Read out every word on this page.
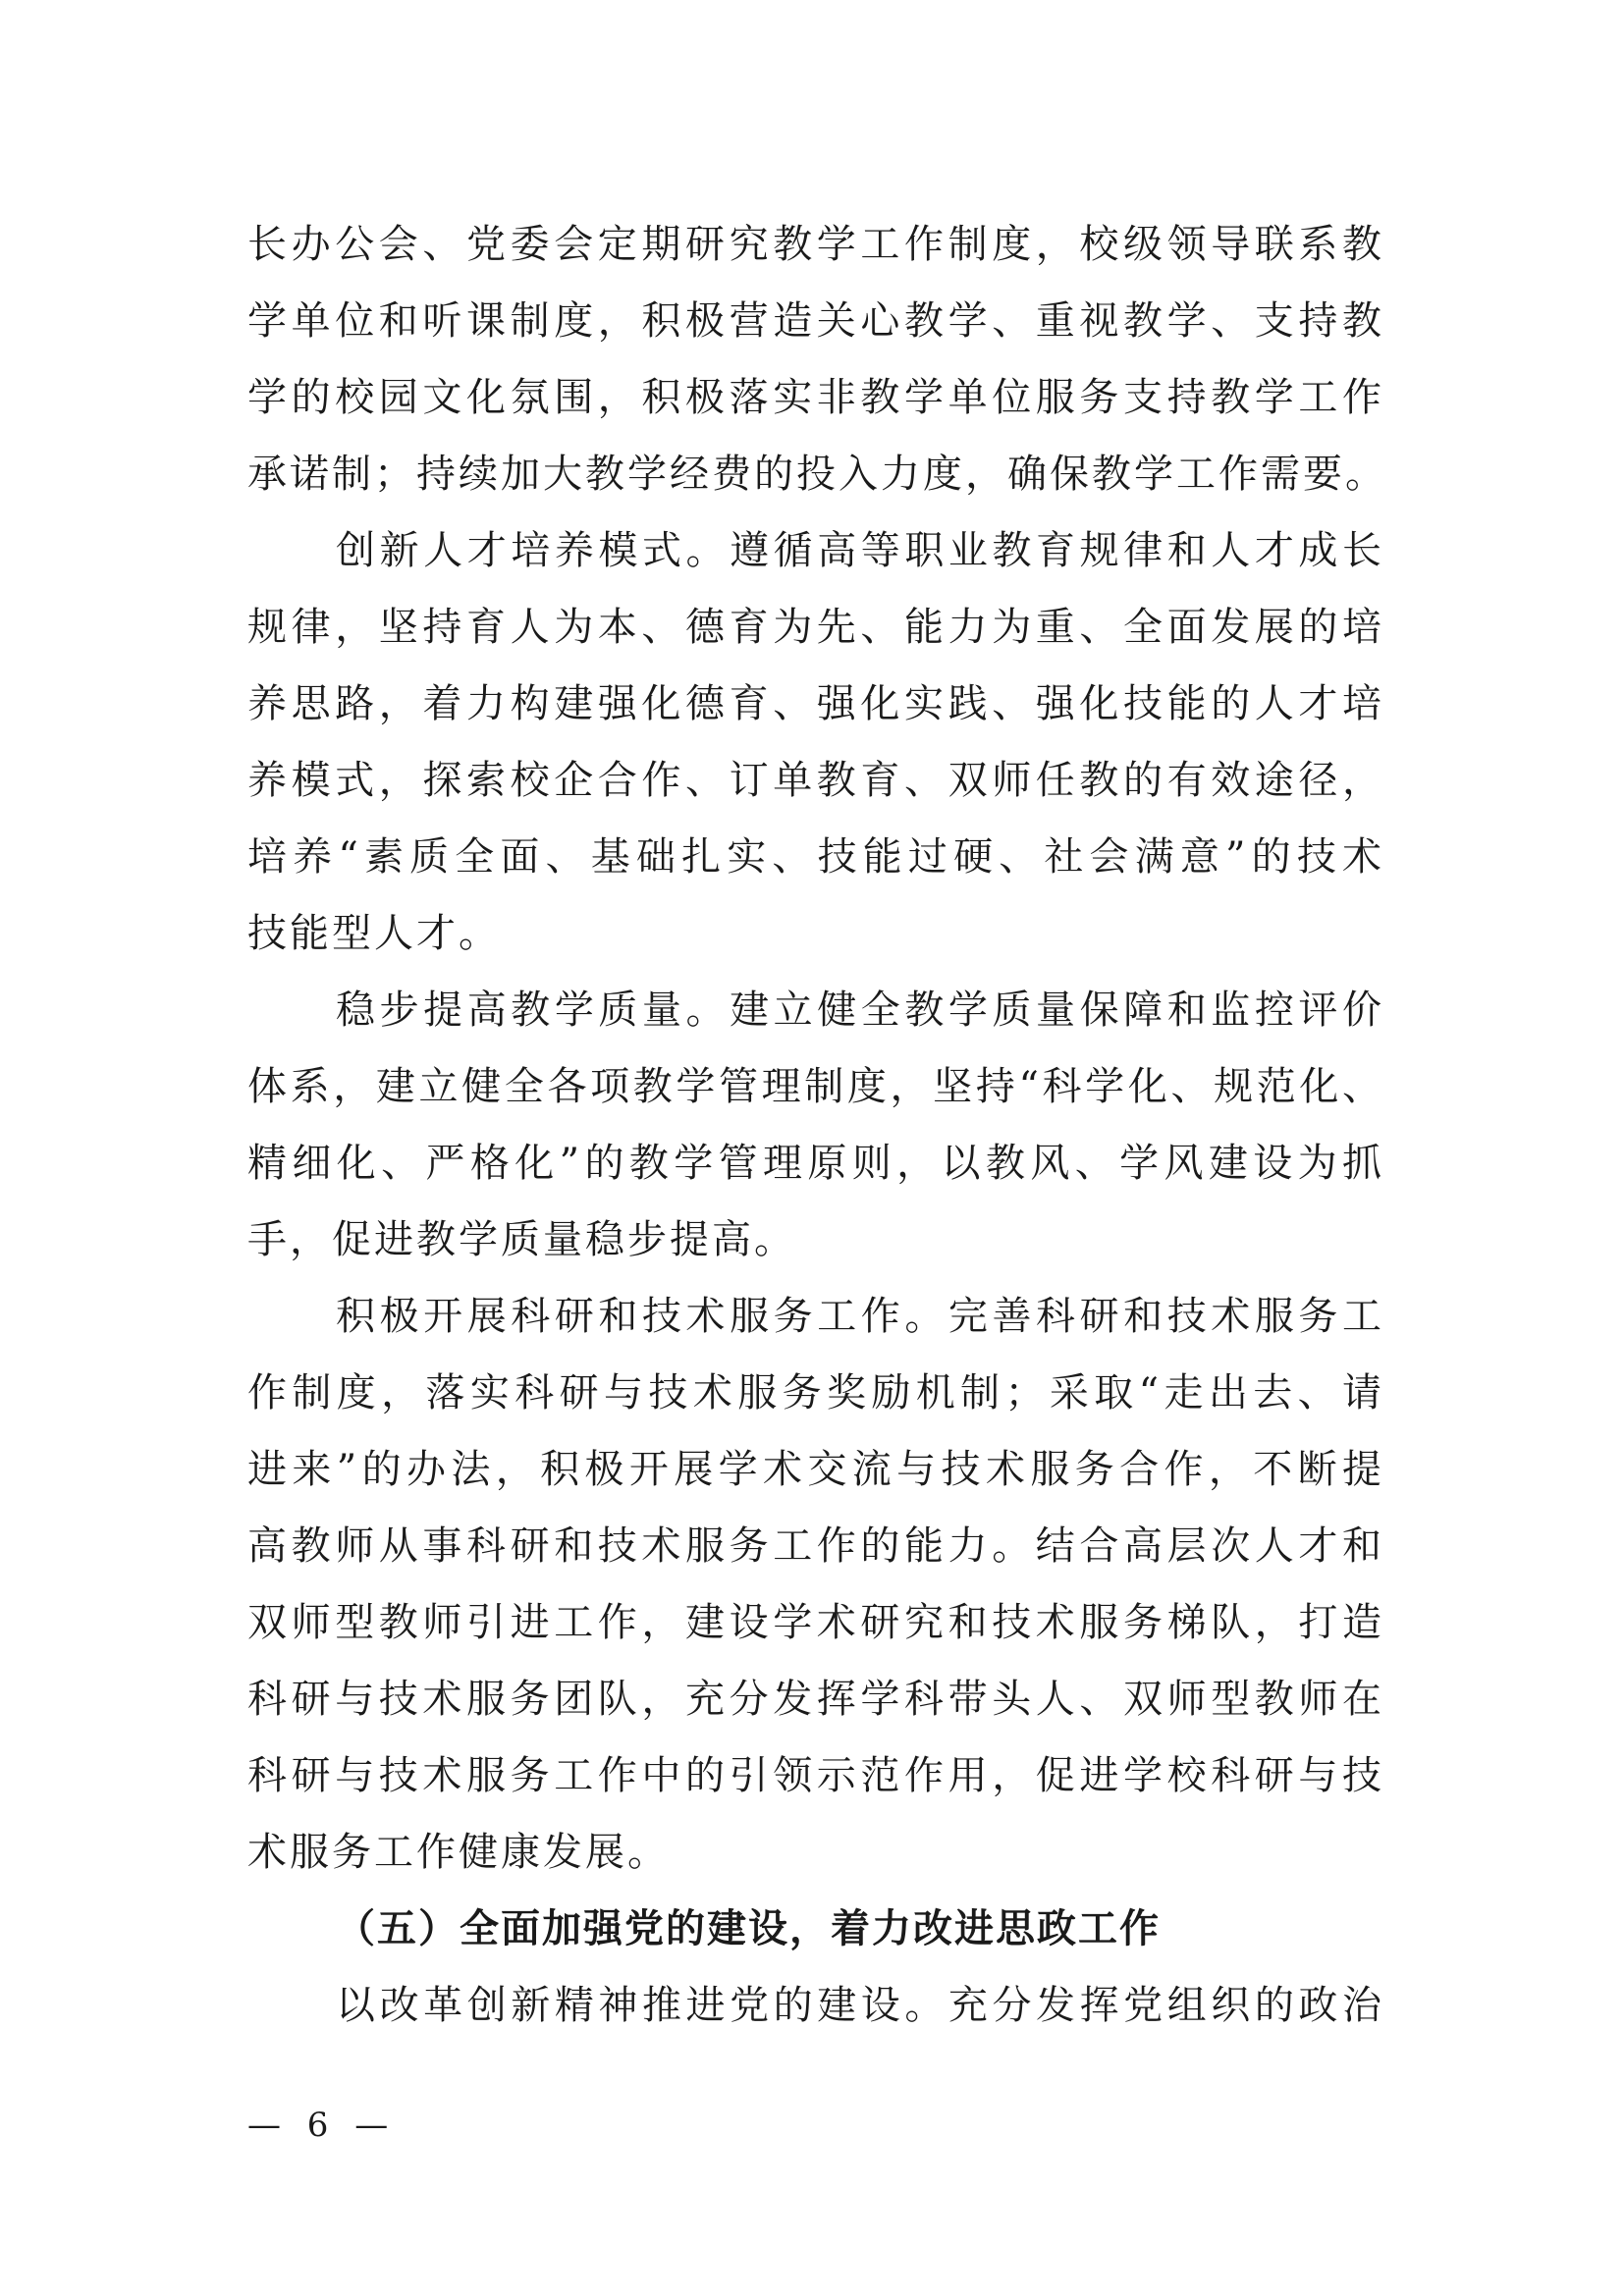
长办公会、党委会定期研究教学工作制度，校级领导联系教
学单位和听课制度，积极营造关心教学、重视教学、支持教
学的校园文化氛围，积极落实非教学单位服务支持教学工作
承诺制；持续加大教学经费的投入力度，确保教学工作需要。
创新人才培养模式。遵循高等职业教育规律和人才成长
规律，坚持育人为本、德育为先、能力为重、全面发展的培
养思路，着力构建强化德育、强化实践、强化技能的人才培
养模式，探索校企合作、订单教育、双师任教的有效途径，
培养“素质全面、基础扎实、技能过硬、社会满意”的技术
技能型人才。
稳步提高教学质量。建立健全教学质量保障和监控评价
体系，建立健全各项教学管理制度，坚持“科学化、规范化、
精细化、严格化”的教学管理原则，以教风、学风建设为抓
手，促进教学质量稳步提高。
积极开展科研和技术服务工作。完善科研和技术服务工
作制度，落实科研与技术服务奖励机制；采取“走出去、请
进来”的办法，积极开展学术交流与技术服务合作，不断提
高教师从事科研和技术服务工作的能力。结合高层次人才和
双师型教师引进工作，建设学术研究和技术服务梯队，打造
科研与技术服务团队，充分发挥学科带头人、双师型教师在
科研与技术服务工作中的引领示范作用，促进学校科研与技
术服务工作健康发展。
（五）全面加强党的建设，着力改进思政工作
以改革创新精神推进党的建设。充分发挥党组织的政治
— 6 —
